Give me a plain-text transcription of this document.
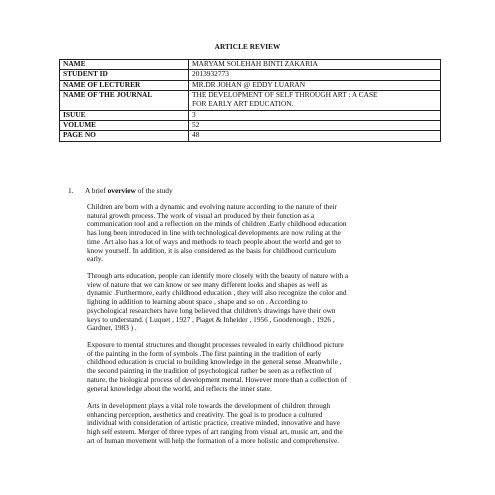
ARTICLE REVIEW
NAME	MARYAM SOLEHAH BINTI ZAKARIA
STUDENT ID	2013932773
NAME OF LECTURER	MR.DR JOHAN @ EDDY LUARAN
NAME OF THE JOURNAL	THE DEVELOPMENT OF SELF THROUGH ART : A CASE
FOR EARLY ART EDUCATION.

ISUUE	3
VOLUME	52
PAGE NO	48
1. A brief overview of the study
Children are born with a dynamic and evolving nature according to the nature of their
natural growth process. The work of visual art produced by their function as a
communication tool and a reflection on the minds of children .Early childhood education
has long been introduced in line with technological developments are now ruling at the
time .Art also has a lot of ways and methods to teach people about the world and get to
know yourself. In addition, it is also considered as the basis for childhood curriculum
early.
Through arts education, people can identify more closely with the beauty of nature with a
view of nature that we can know or see many different looks and shapes as well as
dynamic .Furthermore, early childhood education , they will also recognize the color and
lighting in addition to learning about space , shape and so on . According to
psychological researchers have long believed that children's drawings have their own
keys to understand. ( Luquet , 1927 , Piaget & Inhelder , 1956 , Goodenough , 1926 ,
Gardner, 1983 ) .
Exposure to mental structures and thought processes revealed in early childhood picture
of the painting in the form of symbols .The first painting in the tradition of early
childhood education is crucial to building knowledge in the general sense .Meanwhile ,
the second painting in the tradition of psychological rather be seen as a reflection of
nature, the biological process of development mental. However more than a collection of
general knowledge about the world, and reflects the inner state.
Arts in development plays a vital role towards the development of children through
enhancing perception, aesthetics and creativity. The goal is to produce a cultured
individual with consideration of artistic practice, creative minded, innovative and have
high self esteem. Merger of three types of art ranging from visual art, music art, and the
art of human movement will help the formation of a more holistic and comprehensive.
